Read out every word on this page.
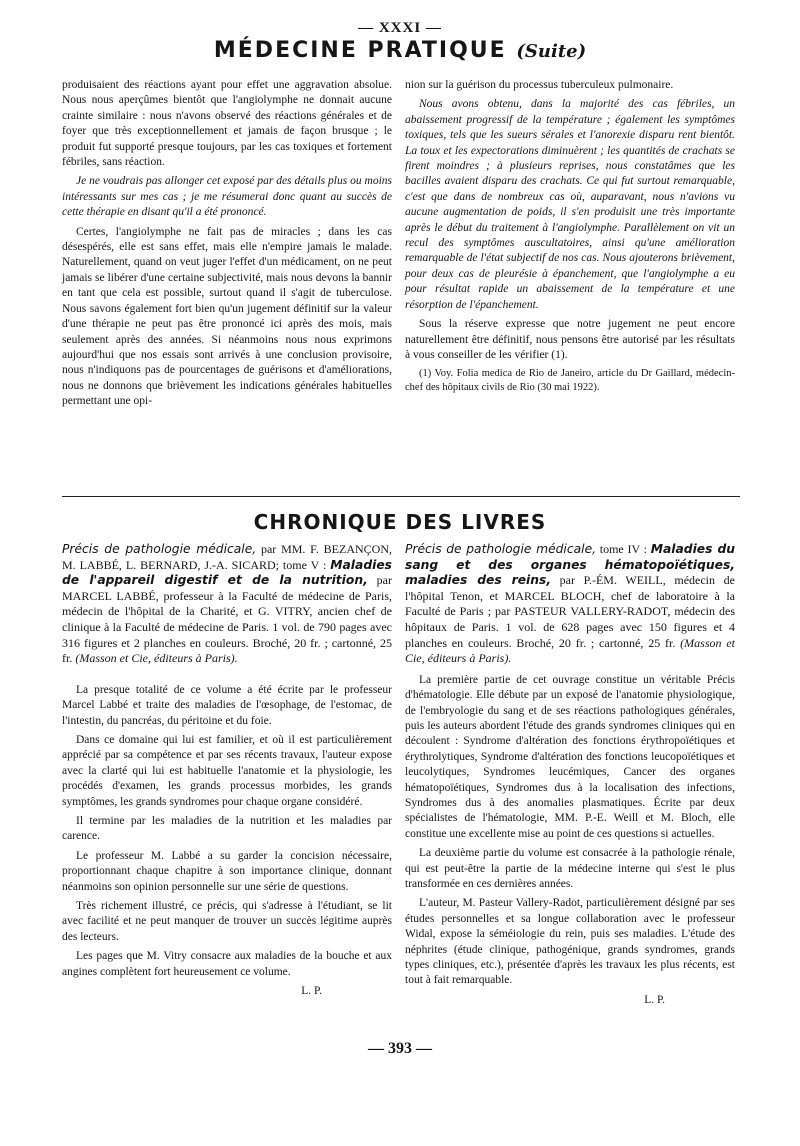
— XXXI —
MÉDECINE PRATIQUE (Suite)

produisaient des réactions ayant pour effet une aggravation absolue. Nous nous aperçûmes bientôt que l'angiolymphe ne donnait aucune crainte similaire : nous n'avons observé des réactions générales et de foyer que très exceptionnellement et jamais de façon brusque ; le produit fut supporté presque toujours, par les cas toxiques et fortement fébriles, sans réaction.

Je ne voudrais pas allonger cet exposé par des détails plus ou moins intéressants sur mes cas ; je me résumerai donc quant au succès de cette thérapie en disant qu'il a été prononcé.

Certes, l'angiolymphe ne fait pas de miracles ; dans les cas désespérés, elle est sans effet, mais elle n'empire jamais le malade. Naturellement, quand on veut juger l'effet d'un médicament, on ne peut jamais se libérer d'une certaine subjectivité, mais nous devons la bannir en tant que cela est possible, surtout quand il s'agit de tuberculose. Nous savons également fort bien qu'un jugement définitif sur la valeur d'une thérapie ne peut pas être prononcé ici après des mois, mais seulement après des années. Si néanmoins nous nous exprimons aujourd'hui que nos essais sont arrivés à une conclusion provisoire, nous n'indiquons pas de pourcentages de guérisons et d'améliorations, nous ne donnons que brièvement les indications générales habituelles permettant une opi-

nion sur la guérison du processus tuberculeux pulmonaire.

Nous avons obtenu, dans la majorité des cas fébriles, un abaissement progressif de la température ; également les symptômes toxiques, tels que les sueurs sérales et l'anorexie disparu rent bientôt. La toux et les expectorations diminuèrent ; les quantités de crachats se firent moindres ; à plusieurs reprises, nous constatâmes que les bacilles avaient disparu des crachats. Ce qui fut surtout remarquable, c'est que dans de nombreux cas où, auparavant, nous n'avions vu aucune augmentation de poids, il s'en produisit une très importante après le début du traitement à l'angiolymphe. Parallèlement on vit un recul des symptômes auscultatoires, ainsi qu'une amélioration remarquable de l'état subjectif de nos cas. Nous ajouterons brièvement, pour deux cas de pleurésie à épanchement, que l'angiolymphe a eu pour résultat rapide un abaissement de la température et une résorption de l'épanchement.

Sous la réserve expresse que notre jugement ne peut encore naturellement être définitif, nous pensons être autorisé par les résultats à vous conseiller de les vérifier (1).

(1) Voy. Folia medica de Rio de Janeiro, article du Dr Gaillard, médecin-chef des hôpitaux civils de Rio (30 mai 1922).
CHRONIQUE DES LIVRES
Précis de pathologie médicale, par MM. F. BEZANÇON, M. LABBÉ, L. BERNARD, J.-A. SICARD; tome V : Maladies de l'appareil digestif et de la nutrition, par MARCEL LABBÉ, professeur à la Faculté de médecine de Paris, médecin de l'hôpital de la Charité, et G. VITRY, ancien chef de clinique à la Faculté de médecine de Paris. 1 vol. de 790 pages avec 316 figures et 2 planches en couleurs. Broché, 20 fr. ; cartonné, 25 fr. (Masson et Cie, éditeurs à Paris).

La presque totalité de ce volume a été écrite par le professeur Marcel Labbé et traite des maladies de l'œsophage, de l'estomac, de l'intestin, du pancréas, du péritoine et du foie.

Dans ce domaine qui lui est familier, et où il est particulièrement apprécié par sa compétence et par ses récents travaux, l'auteur expose avec la clarté qui lui est habituelle l'anatomie et la physiologie, les procédés d'examen, les grands processus morbides, les grands symptômes, les grands syndromes pour chaque organe considéré.

Il termine par les maladies de la nutrition et les maladies par carence.

Le professeur M. Labbé a su garder la concision nécessaire, proportionnant chaque chapitre à son importance clinique, donnant néanmoins son opinion personnelle sur une série de questions.

Très richement illustré, ce précis, qui s'adresse à l'étudiant, se lit avec facilité et ne peut manquer de trouver un succès légitime auprès des lecteurs.

Les pages que M. Vitry consacre aux maladies de la bouche et aux angines complètent fort heureusement ce volume.

L. P.
Précis de pathologie médicale, tome IV : Maladies du sang et des organes hématopoïétiques, maladies des reins, par P.-ÉM. WEILL, médecin de l'hôpital Tenon, et MARCEL BLOCH, chef de laboratoire à la Faculté de Paris ; par PASTEUR VALLERY-RADOT, médecin des hôpitaux de Paris. 1 vol. de 628 pages avec 150 figures et 4 planches en couleurs. Broché, 20 fr. ; cartonné, 25 fr. (Masson et Cie, éditeurs à Paris).

La première partie de cet ouvrage constitue un véritable Précis d'hématologie. Elle débute par un exposé de l'anatomie physiologique, de l'embryologie du sang et de ses réactions pathologiques générales, puis les auteurs abordent l'étude des grands syndromes cliniques qui en découlent : Syndrome d'altération des fonctions érythropoïétiques et érythrolytiques, Syndrome d'altération des fonctions leucopoïétiques et leucolytiques, Syndromes leucémiques, Cancer des organes hématopoïétiques, Syndromes dus à la localisation des infections, Syndromes dus à des anomalies plasmatiques. Écrite par deux spécialistes de l'hématologie, MM. P.-E. Weill et M. Bloch, elle constitue une excellente mise au point de ces questions si actuelles.

La deuxième partie du volume est consacrée à la pathologie rénale, qui est peut-être la partie de la médecine interne qui s'est le plus transformée en ces dernières années.

L'auteur, M. Pasteur Vallery-Radot, particulièrement désigné par ses études personnelles et sa longue collaboration avec le professeur Widal, expose la séméiologie du rein, puis ses maladies. L'étude des néphrites (étude clinique, pathogénique, grands syndromes, grands types cliniques, etc.), présentée d'après les travaux les plus récents, est tout à fait remarquable.

L. P.
— 393 —
